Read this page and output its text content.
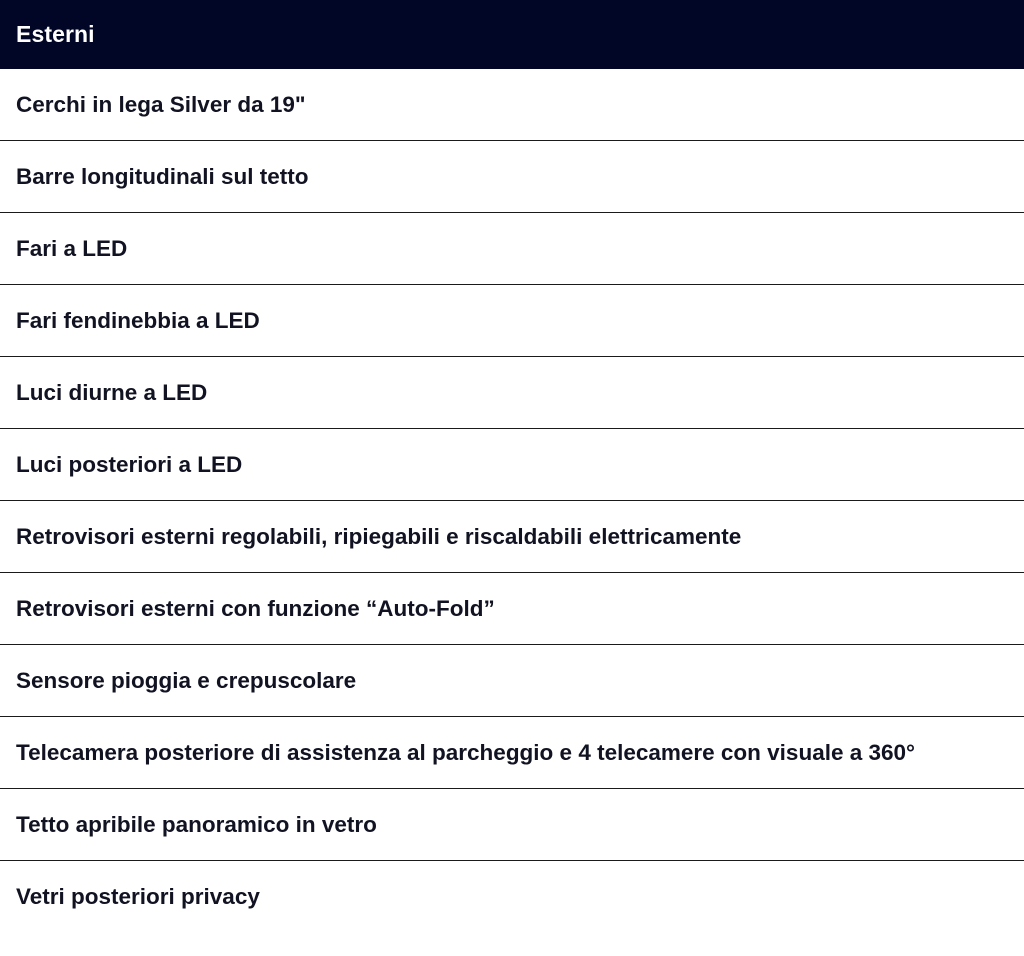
Esterni
Cerchi in lega Silver da 19"
Barre longitudinali sul tetto
Fari a LED
Fari fendinebbia a LED
Luci diurne a LED
Luci posteriori a LED
Retrovisori esterni regolabili, ripiegabili e riscaldabili elettricamente
Retrovisori esterni con funzione “Auto-Fold”
Sensore pioggia e crepuscolare
Telecamera posteriore di assistenza al parcheggio e 4 telecamere con visuale a 360°
Tetto apribile panoramico in vetro
Vetri posteriori privacy
